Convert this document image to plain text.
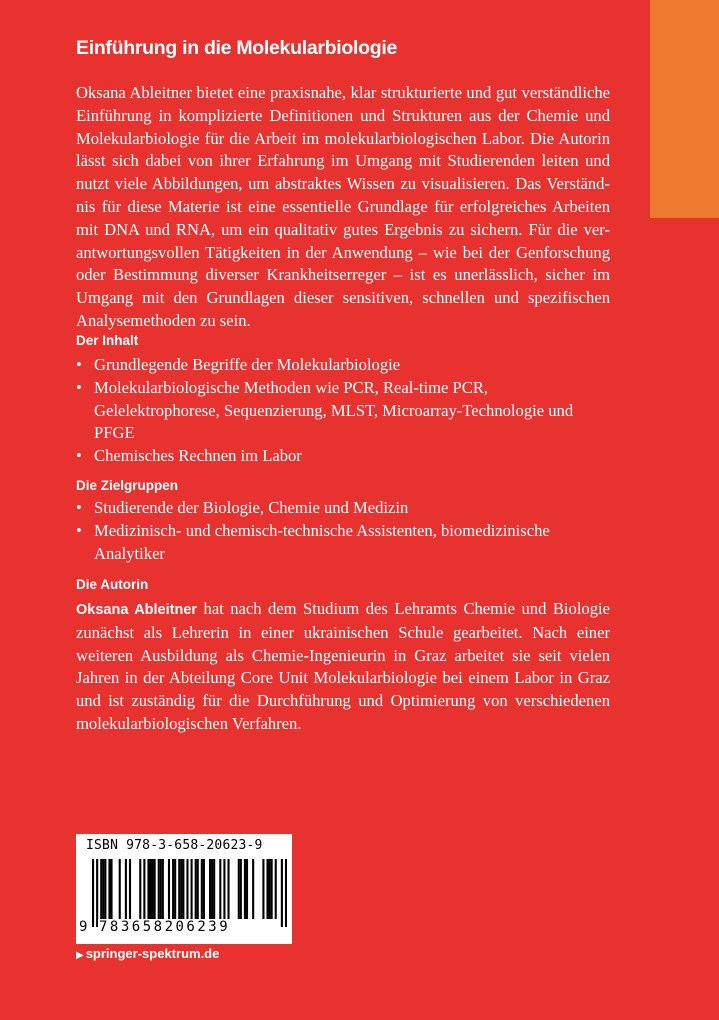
Einführung in die Molekularbiologie

Oksana Ableitner bietet eine praxisnahe, klar strukturierte und gut verständliche
Einführung in komplizierte Definitionen und Strukturen aus der Chemie und
Molekularbiologie für die Arbeit im molekularbiologischen Labor. Die Autorin
lässt sich dabei von ihrer Erfahrung im Umgang mit Studierenden leiten und
nutzt viele Abbildungen, um abstraktes Wissen zu visualisieren. Das Verständ-
nis für diese Materie ist eine essentielle Grundlage für erfolgreiches Arbeiten
mit DNA und RNA, um ein qualitativ gutes Ergebnis zu sichern. Für die ver-
antwortungsvollen Tätigkeiten in der Anwendung – wie bei der Genforschung
oder Bestimmung diverser Krankheitserreger – ist es unerlässlich, sicher im
Umgang mit den Grundlagen dieser sensitiven, schnellen und spezifischen
Analysemethoden zu sein.

Der Inhalt
• Grundlegende Begriffe der Molekularbiologie
• Molekularbiologische Methoden wie PCR, Real-time PCR, Gelelektrophorese, Sequenzierung, MLST, Microarray-Technologie und PFGE
• Chemisches Rechnen im Labor
Die Zielgruppen
• Studierende der Biologie, Chemie und Medizin
• Medizinisch- und chemisch-technische Assistenten, biomedizinische Analytiker
Die Autorin

Oksana Ableitner hat nach dem Studium des Lehramts Chemie und Biologie zunächst als Lehrerin in einer ukrainischen Schule gearbeitet. Nach einer weiteren Ausbildung als Chemie-Ingenieurin in Graz arbeitet sie seit vielen Jahren in der Abteilung Core Unit Molekularbiologie bei einem Labor in Graz und ist zuständig für die Durchführung und Optimierung von verschiedenen molekularbiologischen Verfahren.

ISBN 978-3-658-20623-9
9 783658206239
▶ springer-spektrum.de
